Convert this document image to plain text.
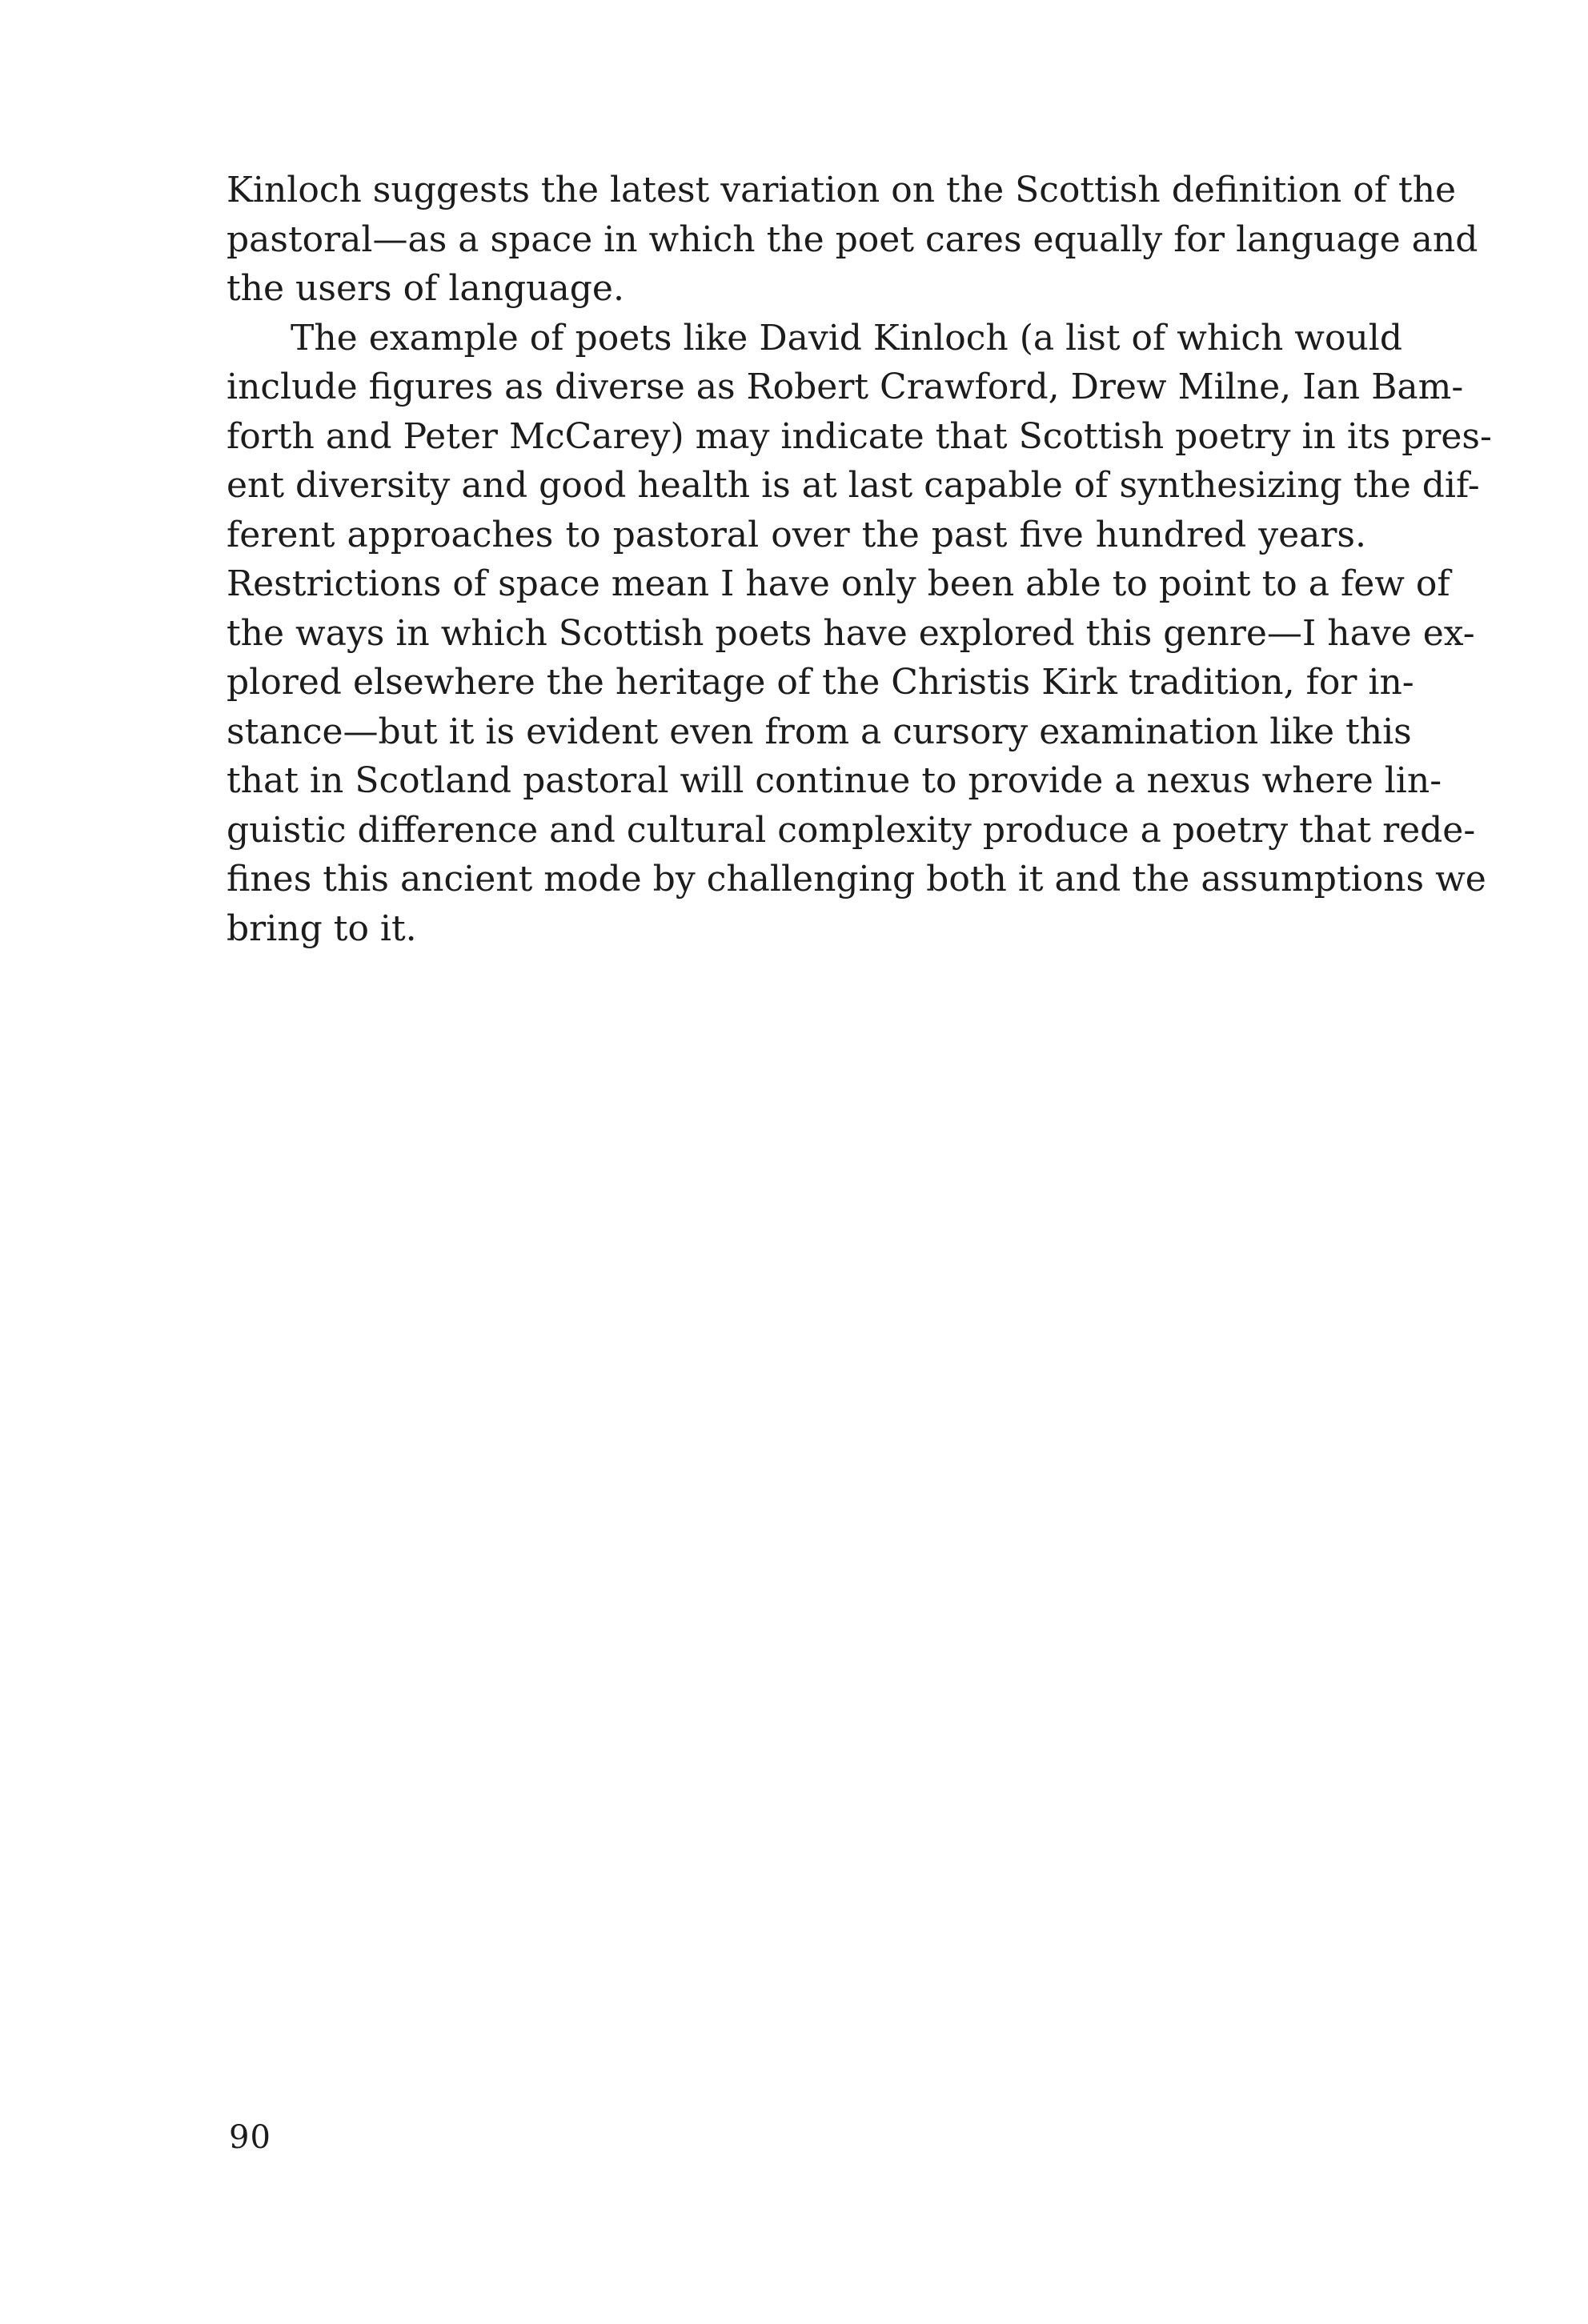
Kinloch suggests the latest variation on the Scottish definition of the
pastoral—as a space in which the poet cares equally for language and
the users of language.
The example of poets like David Kinloch (a list of which would
include figures as diverse as Robert Crawford, Drew Milne, Ian Bam-
forth and Peter McCarey) may indicate that Scottish poetry in its pres-
ent diversity and good health is at last capable of synthesizing the dif-
ferent approaches to pastoral over the past five hundred years.
Restrictions of space mean I have only been able to point to a few of
the ways in which Scottish poets have explored this genre—I have ex-
plored elsewhere the heritage of the Christis Kirk tradition, for in-
stance—but it is evident even from a cursory examination like this
that in Scotland pastoral will continue to provide a nexus where lin-
guistic difference and cultural complexity produce a poetry that rede-
fines this ancient mode by challenging both it and the assumptions we
bring to it.
90
